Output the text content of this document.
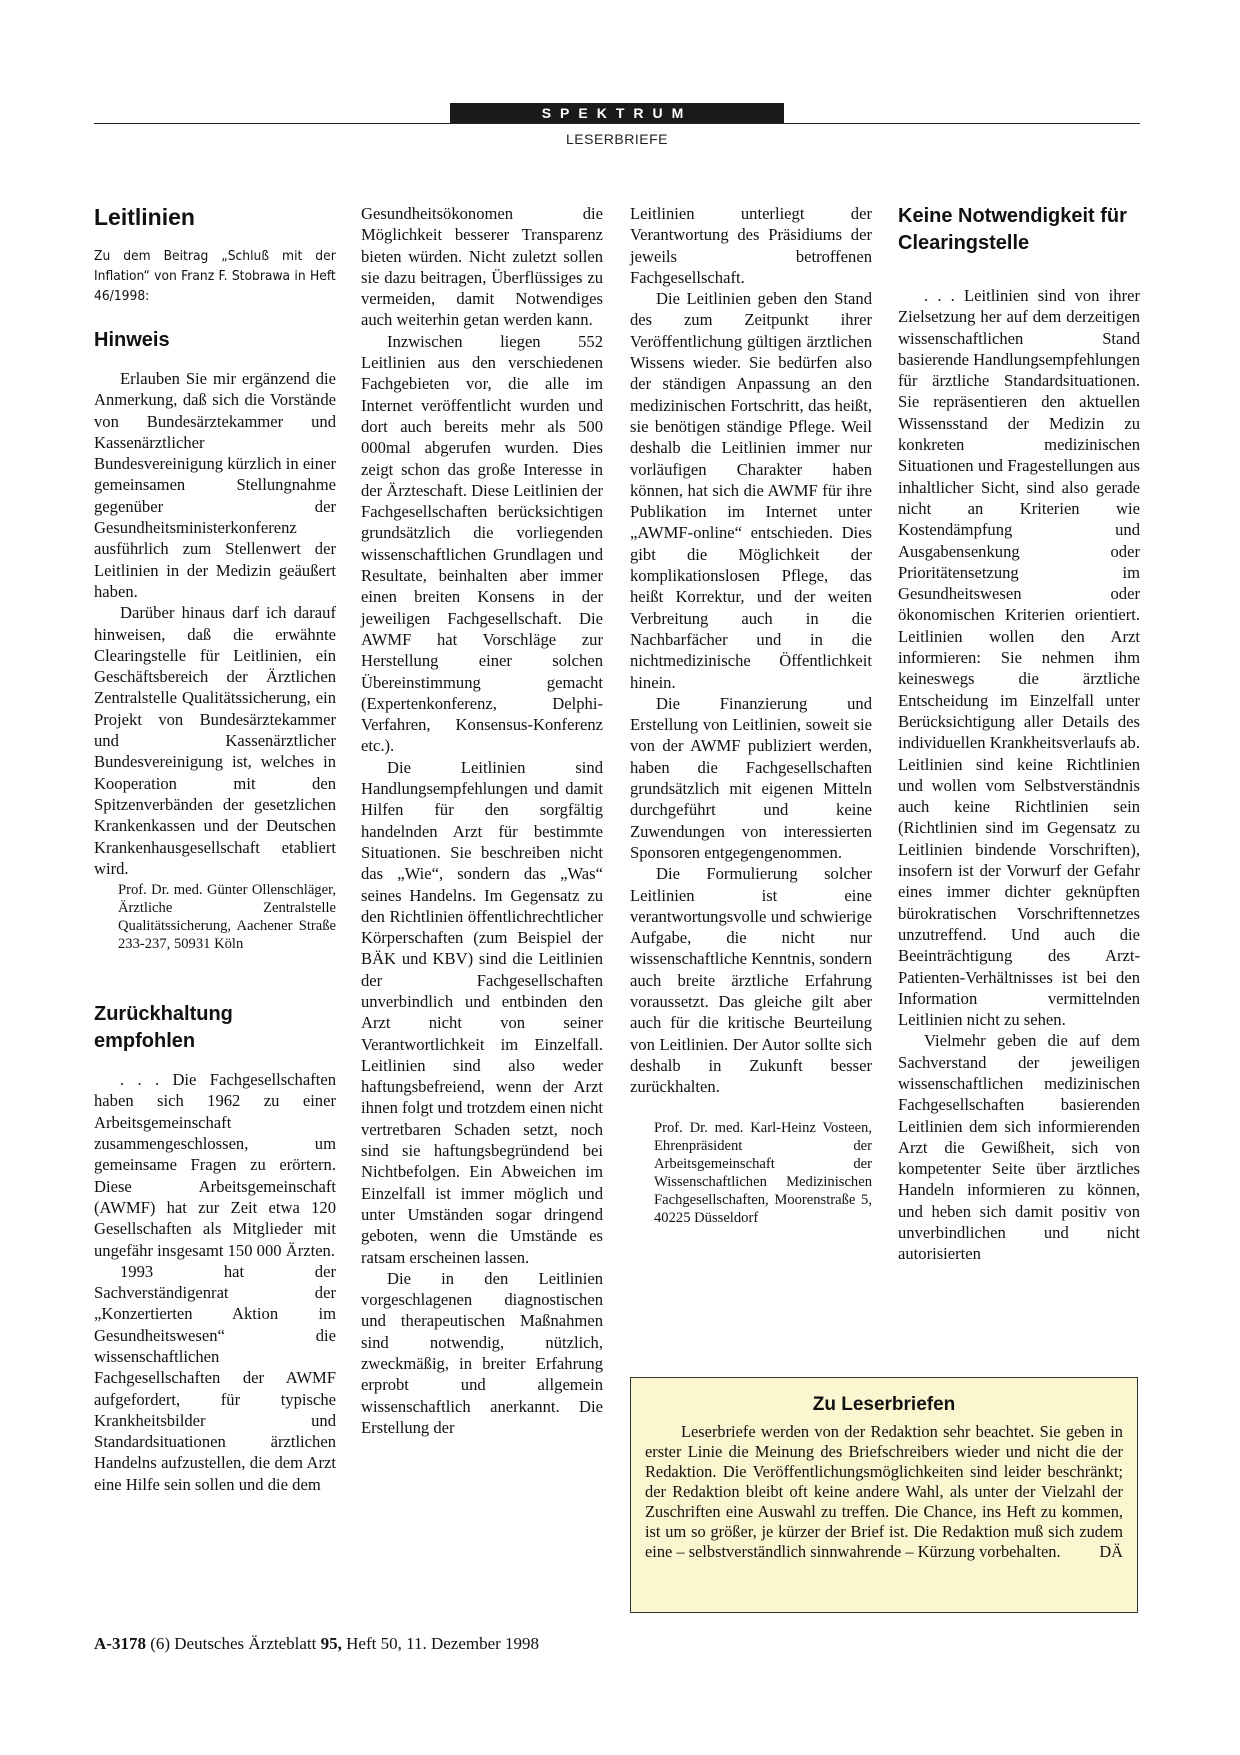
SPEKTRUM
LESERBRIEFE
Leitlinien
Zu dem Beitrag „Schluß mit der Inflation“ von Franz F. Stobrawa in Heft 46/1998:
Hinweis

Erlauben Sie mir ergänzend die Anmerkung, daß sich die Vorstände von Bundesärztekammer und Kassenärztlicher Bundesvereinigung kürzlich in einer gemeinsamen Stellungnahme gegenüber der Gesundheitsministerkonferenz ausführlich zum Stellenwert der Leitlinien in der Medizin geäußert haben.

Darüber hinaus darf ich darauf hinweisen, daß die erwähnte Clearingstelle für Leitlinien, ein Geschäftsbereich der Ärztlichen Zentralstelle Qualitätssicherung, ein Projekt von Bundesärztekammer und Kassenärztlicher Bundesvereinigung ist, welches in Kooperation mit den Spitzenverbänden der gesetzlichen Krankenkassen und der Deutschen Krankenhausgesellschaft etabliert wird.

Prof. Dr. med. Günter Ollenschläger, Ärztliche Zentralstelle Qualitätssicherung, Aachener Straße 233-237, 50931 Köln
Zurückhaltung empfohlen

. . . Die Fachgesellschaften haben sich 1962 zu einer Arbeitsgemeinschaft zusammengeschlossen, um gemeinsame Fragen zu erörtern. Diese Arbeitsgemeinschaft (AWMF) hat zur Zeit etwa 120 Gesellschaften als Mitglieder mit ungefähr insgesamt 150 000 Ärzten.

1993 hat der Sachverständigenrat der „Konzertierten Aktion im Gesundheitswesen“ die wissenschaftlichen Fachgesellschaften der AWMF aufgefordert, für typische Krankheitsbilder und Standardsituationen ärztlichen Handelns aufzustellen, die dem Arzt eine Hilfe sein sollen und die dem

Gesundheitsökonomen die Möglichkeit besserer Transparenz bieten würden. Nicht zuletzt sollen sie dazu beitragen, Überflüssiges zu vermeiden, damit Notwendiges auch weiterhin getan werden kann.

Inzwischen liegen 552 Leitlinien aus den verschiedenen Fachgebieten vor, die alle im Internet veröffentlicht wurden und dort auch bereits mehr als 500 000mal abgerufen wurden. Dies zeigt schon das große Interesse in der Ärzteschaft. Diese Leitlinien der Fachgesellschaften berücksichtigen grundsätzlich die vorliegenden wissenschaftlichen Grundlagen und Resultate, beinhalten aber immer einen breiten Konsens in der jeweiligen Fachgesellschaft. Die AWMF hat Vorschläge zur Herstellung einer solchen Übereinstimmung gemacht (Expertenkonferenz, Delphi-Verfahren, Konsensus-Konferenz etc.).

Die Leitlinien sind Handlungsempfehlungen und damit Hilfen für den sorgfältig handelnden Arzt für bestimmte Situationen. Sie beschreiben nicht das „Wie“, sondern das „Was“ seines Handelns. Im Gegensatz zu den Richtlinien öffentlichrechtlicher Körperschaften (zum Beispiel der BÄK und KBV) sind die Leitlinien der Fachgesellschaften unverbindlich und entbinden den Arzt nicht von seiner Verantwortlichkeit im Einzelfall. Leitlinien sind also weder haftungsbefreiend, wenn der Arzt ihnen folgt und trotzdem einen nicht vertretbaren Schaden setzt, noch sind sie haftungsbegründend bei Nichtbefolgen. Ein Abweichen im Einzelfall ist immer möglich und unter Umständen sogar dringend geboten, wenn die Umstände es ratsam erscheinen lassen.

Die in den Leitlinien vorgeschlagenen diagnostischen und therapeutischen Maßnahmen sind notwendig, nützlich, zweckmäßig, in breiter Erfahrung erprobt und allgemein wissenschaftlich anerkannt. Die Erstellung der

Leitlinien unterliegt der Verantwortung des Präsidiums der jeweils betroffenen Fachgesellschaft.

Die Leitlinien geben den Stand des zum Zeitpunkt ihrer Veröffentlichung gültigen ärztlichen Wissens wieder. Sie bedürfen also der ständigen Anpassung an den medizinischen Fortschritt, das heißt, sie benötigen ständige Pflege. Weil deshalb die Leitlinien immer nur vorläufigen Charakter haben können, hat sich die AWMF für ihre Publikation im Internet unter „AWMF-online“ entschieden. Dies gibt die Möglichkeit der komplikationslosen Pflege, das heißt Korrektur, und der weiten Verbreitung auch in die Nachbarfächer und in die nichtmedizinische Öffentlichkeit hinein.

Die Finanzierung und Erstellung von Leitlinien, soweit sie von der AWMF publiziert werden, haben die Fachgesellschaften grundsätzlich mit eigenen Mitteln durchgeführt und keine Zuwendungen von interessierten Sponsoren entgegengenommen.

Die Formulierung solcher Leitlinien ist eine verantwortungsvolle und schwierige Aufgabe, die nicht nur wissenschaftliche Kenntnis, sondern auch breite ärztliche Erfahrung voraussetzt. Das gleiche gilt aber auch für die kritische Beurteilung von Leitlinien. Der Autor sollte sich deshalb in Zukunft besser zurückhalten.

Prof. Dr. med. Karl-Heinz Vosteen, Ehrenpräsident der Arbeitsgemeinschaft der Wissenschaftlichen Medizinischen Fachgesellschaften, Moorenstraße 5, 40225 Düsseldorf
Keine Notwendigkeit für Clearingstelle

. . . Leitlinien sind von ihrer Zielsetzung her auf dem derzeitigen wissenschaftlichen Stand basierende Handlungsempfehlungen für ärztliche Standardsituationen. Sie repräsentieren den aktuellen Wissensstand der Medizin zu konkreten medizinischen Situationen und Fragestellungen aus inhaltlicher Sicht, sind also gerade nicht an Kriterien wie Kostendämpfung und Ausgabensenkung oder Prioritätensetzung im Gesundheitswesen oder ökonomischen Kriterien orientiert. Leitlinien wollen den Arzt informieren: Sie nehmen ihm keineswegs die ärztliche Entscheidung im Einzelfall unter Berücksichtigung aller Details des individuellen Krankheitsverlaufs ab. Leitlinien sind keine Richtlinien und wollen vom Selbstverständnis auch keine Richtlinien sein (Richtlinien sind im Gegensatz zu Leitlinien bindende Vorschriften), insofern ist der Vorwurf der Gefahr eines immer dichter geknüpften bürokratischen Vorschriftennetzes unzutreffend. Und auch die Beeinträchtigung des Arzt-Patienten-Verhältnisses ist bei den Information vermittelnden Leitlinien nicht zu sehen.

Vielmehr geben die auf dem Sachverstand der jeweiligen wissenschaftlichen medizinischen Fachgesellschaften basierenden Leitlinien dem sich informierenden Arzt die Gewißheit, sich von kompetenter Seite über ärztliches Handeln informieren zu können, und heben sich damit positiv von unverbindlichen und nicht autorisierten

Zu Leserbriefen

Leserbriefe werden von der Redaktion sehr beachtet. Sie geben in erster Linie die Meinung des Briefschreibers wieder und nicht die der Redaktion. Die Veröffentlichungsmöglichkeiten sind leider beschränkt; der Redaktion bleibt oft keine andere Wahl, als unter der Vielzahl der Zuschriften eine Auswahl zu treffen. Die Chance, ins Heft zu kommen, ist um so größer, je kürzer der Brief ist. Die Redaktion muß sich zudem eine – selbstverständlich sinnwahrende – Kürzung vorbehalten.	DÄ

A-3178 (6) Deutsches Ärzteblatt 95, Heft 50, 11. Dezember 1998
